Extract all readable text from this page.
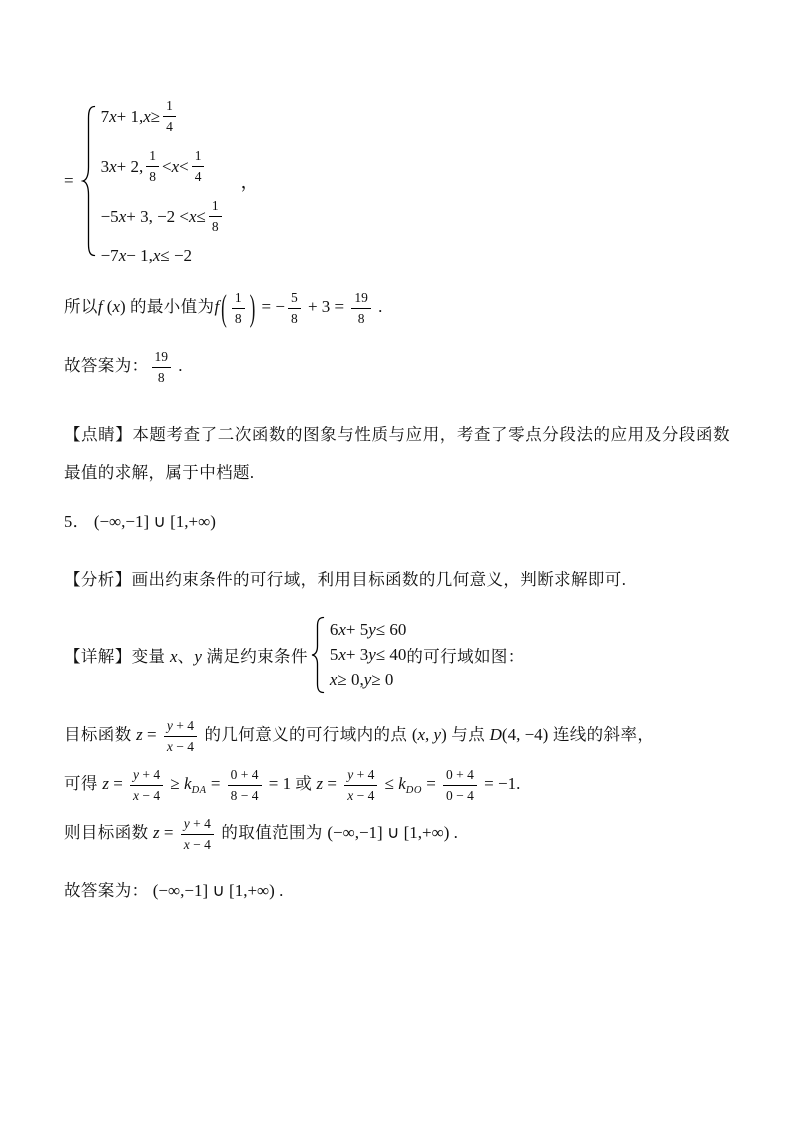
=
7 x + 1, $x \ge \frac{1}{4}$
3 x + 2, $\frac{1}{8} < x < \frac{1}{4}$
−5 x + 3, $-2 < x \le \frac{1}{8}$
−7 x − 1, x ≤ −2
，
所以f (x) 的最小值为f ( $\frac{1}{8}$ ) = − $\frac{5}{8} + 3 = \frac{19}{8}$ .
故答案为： $\frac{19}{8}$ .
【点睛】本题考查了二次函数的图象与性质与应用，考查了零点分段法的应用及分段函数最值的求解，属于中档题.
5． (−∞,−1] ∪ [1,+∞)
【分析】画出约束条件的可行域，利用目标函数的几何意义，判断求解即可.
【详解】变量 x、y 满足约束条件
6 x + 5 y ≤ 60
5 x + 3 y ≤ 40
x ≥ 0, y ≥ 0
的可行域如图：
目标函数 $z = \frac{y + 4}{x - 4}$ 的几何意义的可行域内的点 (x, y) 与点 D(4, −4) 连线的斜率，
可得 $z = \frac{y + 4}{x - 4} \ge k_{DA} = \frac{0 + 4}{8 - 4} = 1$ 或 $z = \frac{y + 4}{x - 4} \le k_{DO} = \frac{0 + 4}{0 - 4} = -1$.
则目标函数 $z = \frac{y + 4}{x - 4}$ 的取值范围为 (−∞,−1] ∪ [1,+∞) .
故答案为： (−∞,−1] ∪ [1,+∞) .
